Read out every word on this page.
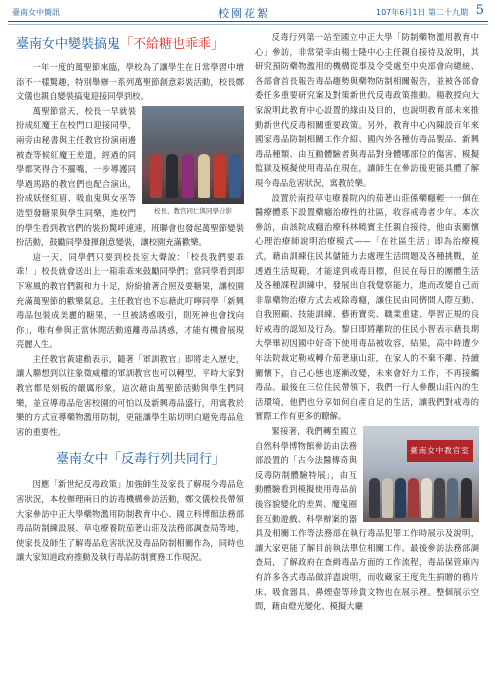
臺南女中簡訊	校園花絮	107年6月1日 第二十九期 5
臺南女中變裝搞鬼「不給糖也乖乖」

一年一度的萬聖節來臨，學校為了讓學生在日常學習中增添不一樣驚趣，特別舉辦一系列萬聖節創意彩裝活動，校長鄭文儀也親自變裝搞鬼迎接同學到校。

校長、教官同仁與同學合影

萬聖節當天，校長一早就裝扮成紅魔王在校門口迎接同學，兩旁由秘書與主任教官扮演兩邊被查等候紅魔王差遣，經過的同學都笑得合不攏嘴，一步導護同學過馬路的教官們也配合演出，扮成妖怪紅眉、吸血鬼與女巫等造型發糖果與學生同樂，進校門的學生看到教官們的裝扮驚呼連連，班聯會也發起萬聖節變裝扮活動，鼓勵同學發揮創意變裝，讓校園充滿歡樂。

這一天，同學們只要到校長室大聲說：「校長我們要乖乖！」校長就會送出上一箱乖乖來鼓勵同學們；當同學看到即下寒風的教官們親和力十足，紛紛搶著合照及要糖果，讓校園充滿萬聖節的歡樂氣息。主任教官也不忘藉此叮嚀同學「新興毒品包裝成美麗的糖果，一旦被誘惑吸引，則死神也會找向你」，唯有參與正當休閒活動遠離毒品誘惑，才能有機會展現亮麗人生。

主任教官黃建勳表示，隨著「軍訓教官」即將走入歷史，讓人聯想到以往象徵威權的軍訓教官也可以轉型，平時大家對教官都是刻板的嚴厲形象，這次藉由萬聖節活動與學生們同樂，並宣導毒品危害校園的可怕以及新興毒品盛行，用寓教於樂的方式宣導藥物濫用防制，更能讓學生貼切明白避免毒品危害的重要性。

臺南女中「反毒行列共同行」

因應「新世紀反毒政策」加強師生及家長了解現今毒品危害狀況，本校辦理兩日的訪毒機構參訪活動，鄭文儀校長帶領大家參訪中正大學藥物濫用防制教育中心、國立科博館法務部毒品防制練設展、草屯療養院茄荖山莊及法務部調查局等地，使家長及師生了解毒品危害狀況及毒品防制相關作為，同時也讓大家知道政府推動及執行毒品防制實務工作現況。

反毒行列第一站至國立中正大學「防制藥物濫用教育中心」參訪，非常榮幸由楊士隆中心主任親自接待及說明，其研究預防藥物濫用的機構從事及令受處至中央部會向總統、各部會首長報告毒品趨勢與藥物防制相關報告，並被各部會委任多重要研究案及對策新世代反毒政策推動。楊教授向大家說明此教育中心設置的緣由及目的，也說明教育部未來推動新世代反毒相關重要政策。另外，教育中心內陳設百年來國家毒品防制相關工作介紹、國內外各種仿毒品製品、新興毒品種類、由互動體驗者與毒品對身體哪部位的傷害、模擬監獄及模擬使用毒品在現在，讓師生在參訪後更能具體了解現今毒品危害狀況，寓教於樂。

設置於南投草屯療養院內的茄荖山莊係藥癮輕一一個在醫療體系下設置藥癮治療性的社區，收容戒毒者少年。本次參訪，由該院成癮治療科林曉寶主任親自接待，他由衷關懷心理治療師說明治療模式——「在社區生活」即為治療模式，藉由訓練住民其儲能力去處理生活問題及各種挑戰，並透過生活規範，才能達到戒毒目標，但民在每日的團體生活及各種課程訓練中，發展出自我覺察能力，進而改變自己而非靠藥物治療方式去戒除毒癮，讓住民由同儕間人際互動、自我照顧、技能訓練、藝術寶奕、職業重建、學習正規的良好戒毒的認知及行為。黎日即將離院的住民小智表示藉長期大學畢初因國中好奇下使用毒品被收容，結果，高中時遭少年法院裁定勒戒轉介茄荖康山莊，在家人的不棄不離、持續關懷下，自己心態也逐漸改變，未來會好力工作，不再接觸毒品。最後在三位住民帶領下，我們一行人參觀山莊內的生活環境，他們也分享如何自產自足的生活，讓我們對戒毒的實際工作有更多的瞭解。

臺南女中教官室

緊接著，我們轉至國立自然科學博物館參訪由法務部設置的「古今法醫傳奇與反毒防制體驗特展」，由互動體驗看到模擬使用毒品前後容貌變化的差異、魔鬼圈套互動遊戲、科學辦案的器具及相關工作等法務部在執行毒品犯罪工作時展示及說明，讓大家更能了解目前執法單位相關工作。最後參訪法務部調查局，了解政府在查緝毒品方面的工作流程，毒品保管庫內有許多各式毒品做詳盡說明，而收藏家王度先生捐贈的鴉片床、吸食器具、鼻煙壺等珍貴文物也在展示裡。整個展示空間，藉由燈光變化、模擬大廳
